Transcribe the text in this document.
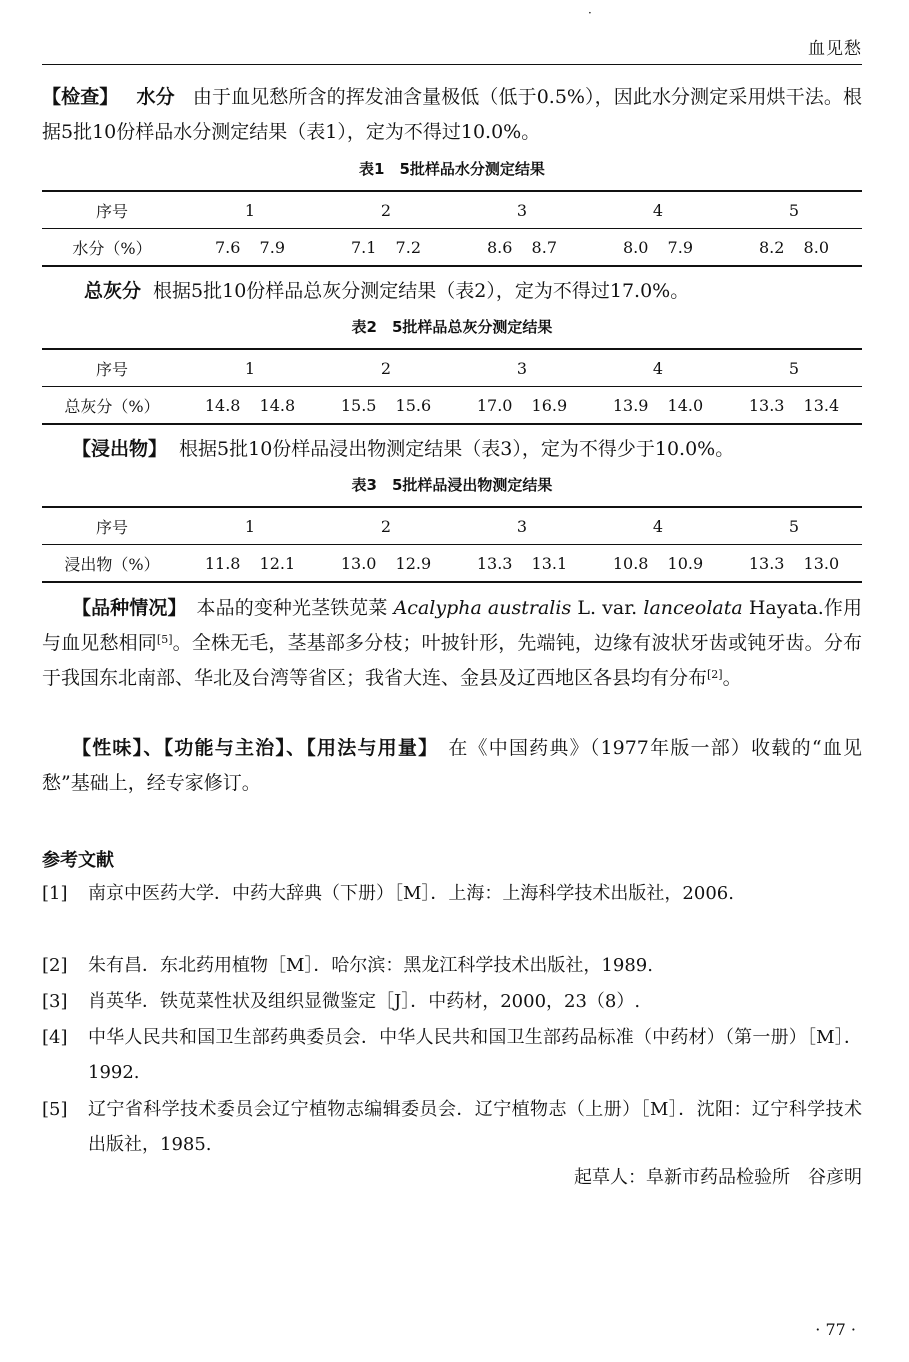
·
血见愁
【检查】 水分 由于血见愁所含的挥发油含量极低（低于0.5%），因此水分测定采用烘干法。根据5批10份样品水分测定结果（表1），定为不得过10.0%。
表1　5批样品水分测定结果
序号	1	2	3	4	5
水分（%）	7.6 7.9	7.1 7.2	8.6 8.7	8.0 7.9	8.2 8.0
总灰分 根据5批10份样品总灰分测定结果（表2），定为不得过17.0%。
表2　5批样品总灰分测定结果
序号	1	2	3	4	5
总灰分（%）	14.8 14.8	15.5 15.6	17.0 16.9	13.9 14.0	13.3 13.4
【浸出物】 根据5批10份样品浸出物测定结果（表3），定为不得少于10.0%。
表3　5批样品浸出物测定结果
序号	1	2	3	4	5
浸出物（%）	11.8 12.1	13.0 12.9	13.3 13.1	10.8 10.9	13.3 13.0
【品种情况】 本品的变种光茎铁苋菜 Acalypha australis L. var. lanceolata Hayata.作用与血见愁相同[5]。全株无毛，茎基部多分枝；叶披针形，先端钝，边缘有波状牙齿或钝牙齿。分布于我国东北南部、华北及台湾等省区；我省大连、金县及辽西地区各县均有分布[2]。
【性味】、【功能与主治】、【用法与用量】 在《中国药典》（1977年版一部）收载的“血见愁”基础上，经专家修订。
参考文献
[1] 南京中医药大学．中药大辞典（下册）［M］．上海：上海科学技术出版社，2006.
[2] 朱有昌．东北药用植物［M］．哈尔滨：黑龙江科学技术出版社，1989.
[3] 肖英华．铁苋菜性状及组织显微鉴定［J］．中药材，2000，23（8）.
[4] 中华人民共和国卫生部药典委员会．中华人民共和国卫生部药品标准（中药材）（第一册）［M］．1992.
[5] 辽宁省科学技术委员会辽宁植物志编辑委员会．辽宁植物志（上册）［M］．沈阳：辽宁科学技术出版社，1985.
起草人：阜新市药品检验所　谷彦明
· 77 ·
